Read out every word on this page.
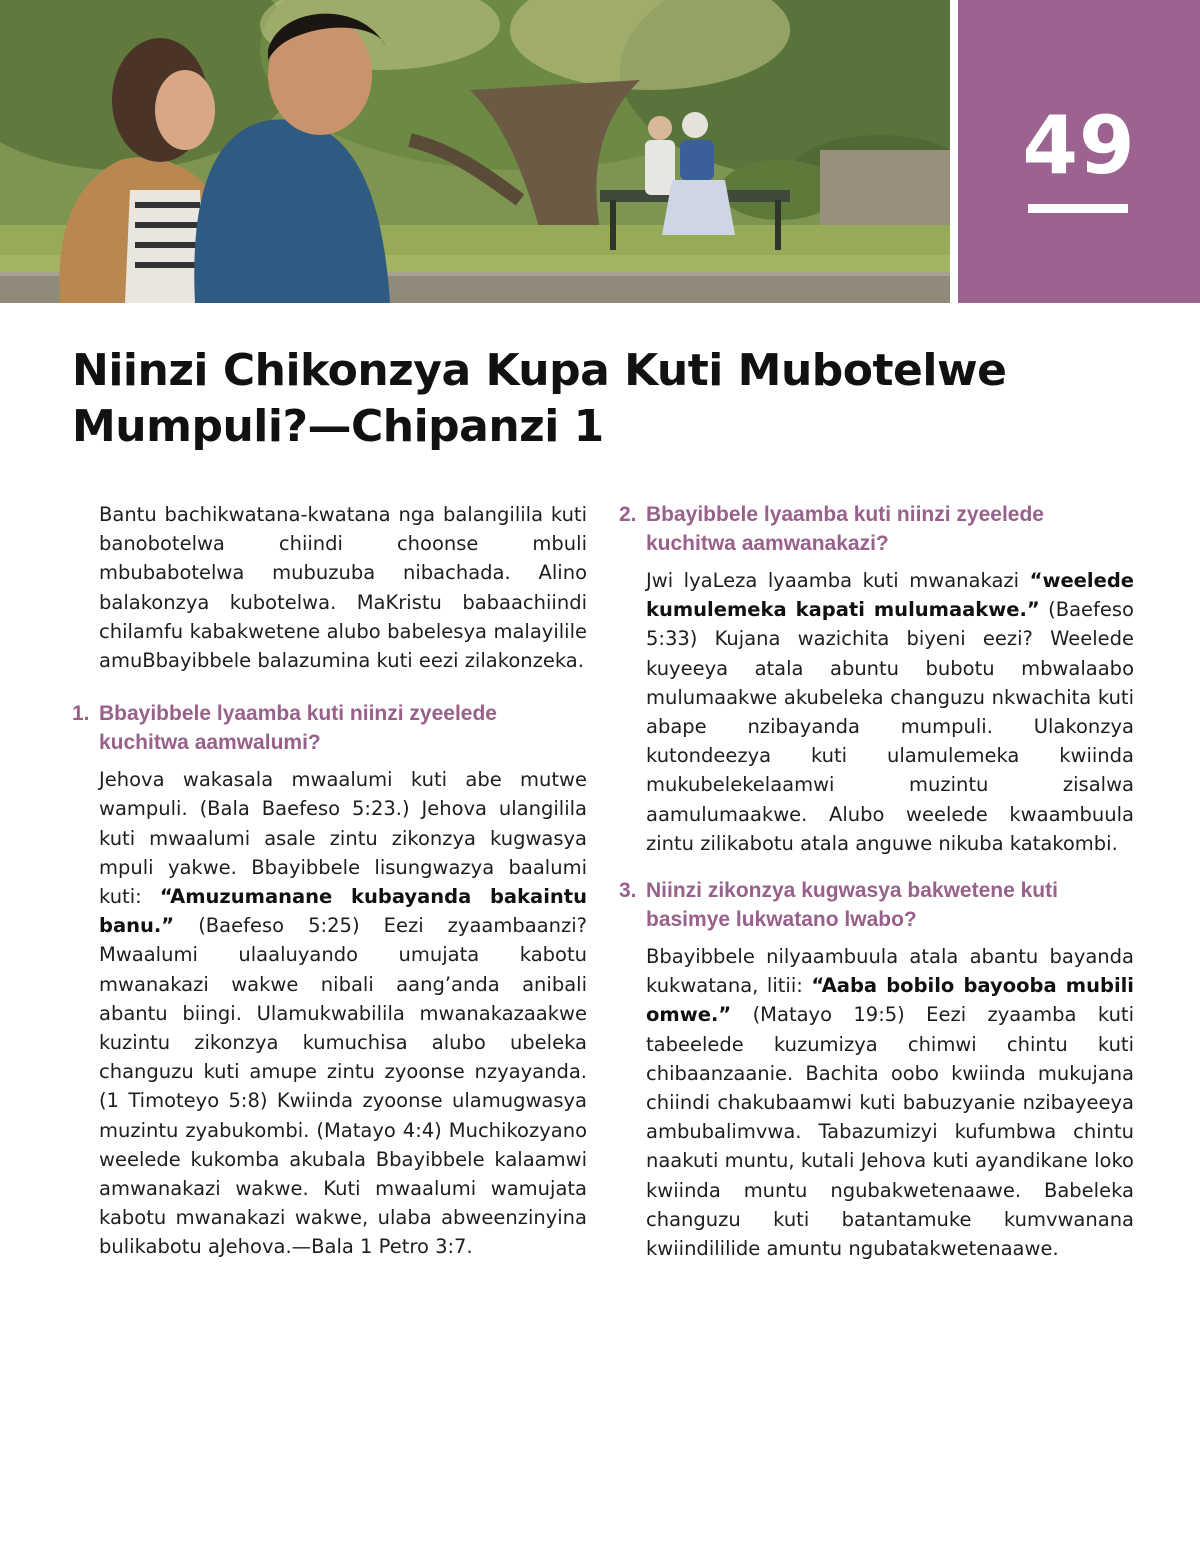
49
Niinzi Chikonzya Kupa Kuti Mubotelwe Mumpuli?—Chipanzi 1

Bantu bachikwatana-kwatana nga balangilila kuti banobotelwa chiindi choonse mbuli mbubabotelwa mubuzuba nibachada. Alino balakonzya kubotelwa. MaKristu babaachiindi chilamfu kabakwetene alubo babelesya malayilile amuBbayibbele balazumina kuti eezi zilakonzeka.

1. Bbayibbele lyaamba kuti niinzi zyeelede kuchitwa aamwalumi?

Jehova wakasala mwaalumi kuti abe mutwe wampuli. (Bala Baefeso 5:23.) Jehova ulangilila kuti mwaalumi asale zintu zikonzya kugwasya mpuli yakwe. Bbayibbele lisungwazya baalumi kuti: “Amuzumanane kubayanda bakaintu banu.” (Baefeso 5:25) Eezi zyaambaanzi? Mwaalumi ulaaluyando umujata kabotu mwanakazi wakwe nibali aang’anda anibali abantu biingi. Ulamukwabilila mwanakazaakwe kuzintu zikonzya kumuchisa alubo ubeleka changuzu kuti amupe zintu zyoonse nzyayanda. (1 Timoteyo 5:8) Kwiinda zyoonse ulamugwasya muzintu zyabukombi. (Matayo 4:4) Muchikozyano weelede kukomba akubala Bbayibbele kalaamwi amwanakazi wakwe. Kuti mwaalumi wamujata kabotu mwanakazi wakwe, ulaba abweenzinyina bulikabotu aJehova.—Bala 1 Petro 3:7.

2. Bbayibbele lyaamba kuti niinzi zyeelede kuchitwa aamwanakazi?

Jwi lyaLeza lyaamba kuti mwanakazi “weelede kumulemeka kapati mulumaakwe.” (Baefeso 5:33) Kujana wazichita biyeni eezi? Weelede kuyeeya atala abuntu bubotu mbwalaabo mulumaakwe akubeleka changuzu nkwachita kuti abape nzibayanda mumpuli. Ulakonzya kutondeezya kuti ulamulemeka kwiinda mukubelekelaamwi muzintu zisalwa aamulumaakwe. Alubo weelede kwaambuula zintu zilikabotu atala anguwe nikuba katakombi.

3. Niinzi zikonzya kugwasya bakwetene kuti basimye lukwatano lwabo?

Bbayibbele nilyaambuula atala abantu bayanda kukwatana, litii: “Aaba bobilo bayooba mubili omwe.” (Matayo 19:5) Eezi zyaamba kuti tabeelede kuzumizya chimwi chintu kuti chibaanzaanie. Bachita oobo kwiinda mukujana chiindi chakubaamwi kuti babuzyanie nzibayeeya ambubalimvwa. Tabazumizyi kufumbwa chintu naakuti muntu, kutali Jehova kuti ayandikane loko kwiinda muntu ngubakwetenaawe. Babeleka changuzu kuti batantamuke kumvwanana kwiindililide amuntu ngubatakwetenaawe.
